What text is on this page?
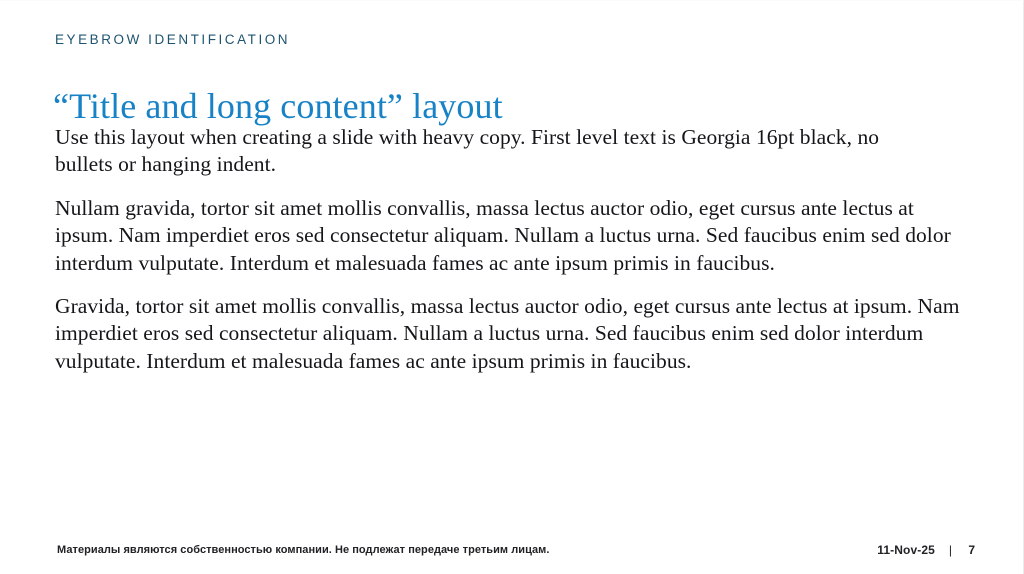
EYEBROW IDENTIFICATION
“Title and long content” layout

Use this layout when creating a slide with heavy copy. First level text is Georgia 16pt black, no bullets or hanging indent.

Nullam gravida, tortor sit amet mollis convallis, massa lectus auctor odio, eget cursus ante lectus at ipsum. Nam imperdiet eros sed consectetur aliquam. Nullam a luctus urna. Sed faucibus enim sed dolor interdum vulputate. Interdum et malesuada fames ac ante ipsum primis in faucibus.

Gravida, tortor sit amet mollis convallis, massa lectus auctor odio, eget cursus ante lectus at ipsum. Nam imperdiet eros sed consectetur aliquam. Nullam a luctus urna. Sed faucibus enim sed dolor interdum vulputate. Interdum et malesuada fames ac ante ipsum primis in faucibus.

Материалы являются собственностью компании. Не подлежат передаче третьим лицам.	11-Nov-25 | 7
